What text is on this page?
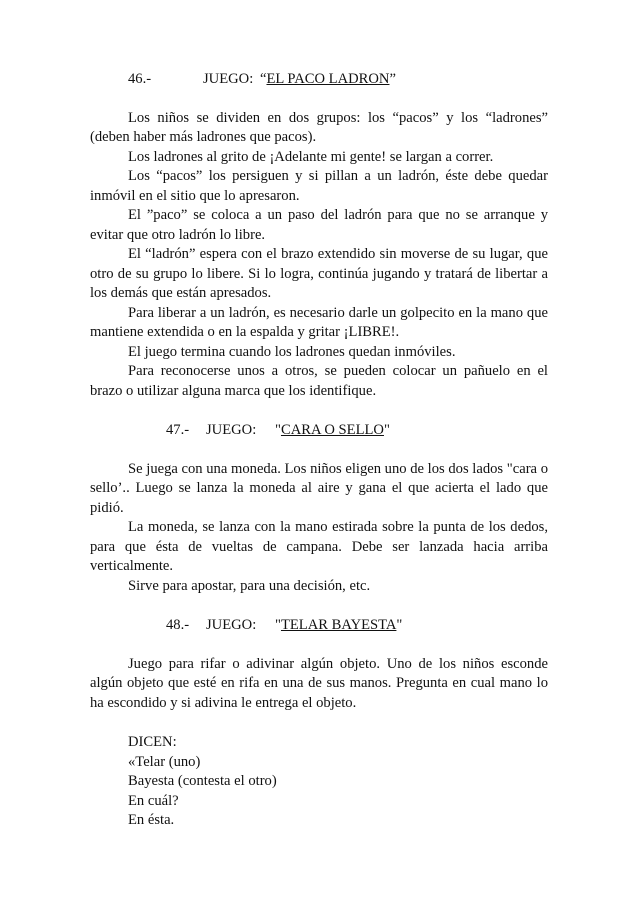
46.-	JUEGO: “EL PACO LADRON”

Los niños se dividen en dos grupos: los “pacos” y los “ladrones” (deben haber más ladrones que pacos).

Los ladrones al grito de ¡Adelante mi gente! se largan a correr.

Los “pacos” los persiguen y si pillan a un ladrón, éste debe quedar inmóvil en el sitio que lo apresaron.

El ”paco” se coloca a un paso del ladrón para que no se arranque y evitar que otro ladrón lo libre.

El “ladrón” espera con el brazo extendido sin moverse de su lugar, que otro de su grupo lo libere. Si lo logra, continúa jugando y tratará de libertar a los demás que están apresados.

Para liberar a un ladrón, es necesario darle un golpecito en la mano que mantiene extendida o en la espalda y gritar ¡LIBRE!.

El juego termina cuando los ladrones quedan inmóviles.

Para reconocerse unos a otros, se pueden colocar un pañuelo en el brazo o utilizar alguna marca que los identifique.

47.- JUEGO: "CARA O SELLO"

Se juega con una moneda. Los niños eligen uno de los dos lados "cara o sello’.. Luego se lanza la moneda al aire y gana el que acierta el lado que pidió.

La moneda, se lanza con la mano estirada sobre la punta de los dedos, para que ésta de vueltas de campana. Debe ser lanzada hacia arriba verticalmente.

Sirve para apostar, para una decisión, etc.

48.- JUEGO: "TELAR BAYESTA"

Juego para rifar o adivinar algún objeto. Uno de los niños esconde algún objeto que esté en rifa en una de sus manos. Pregunta en cual mano lo ha escondido y si adivina le entrega el objeto.

DICEN:
«Telar (uno)
Bayesta (contesta el otro)
En cuál?
En ésta.
